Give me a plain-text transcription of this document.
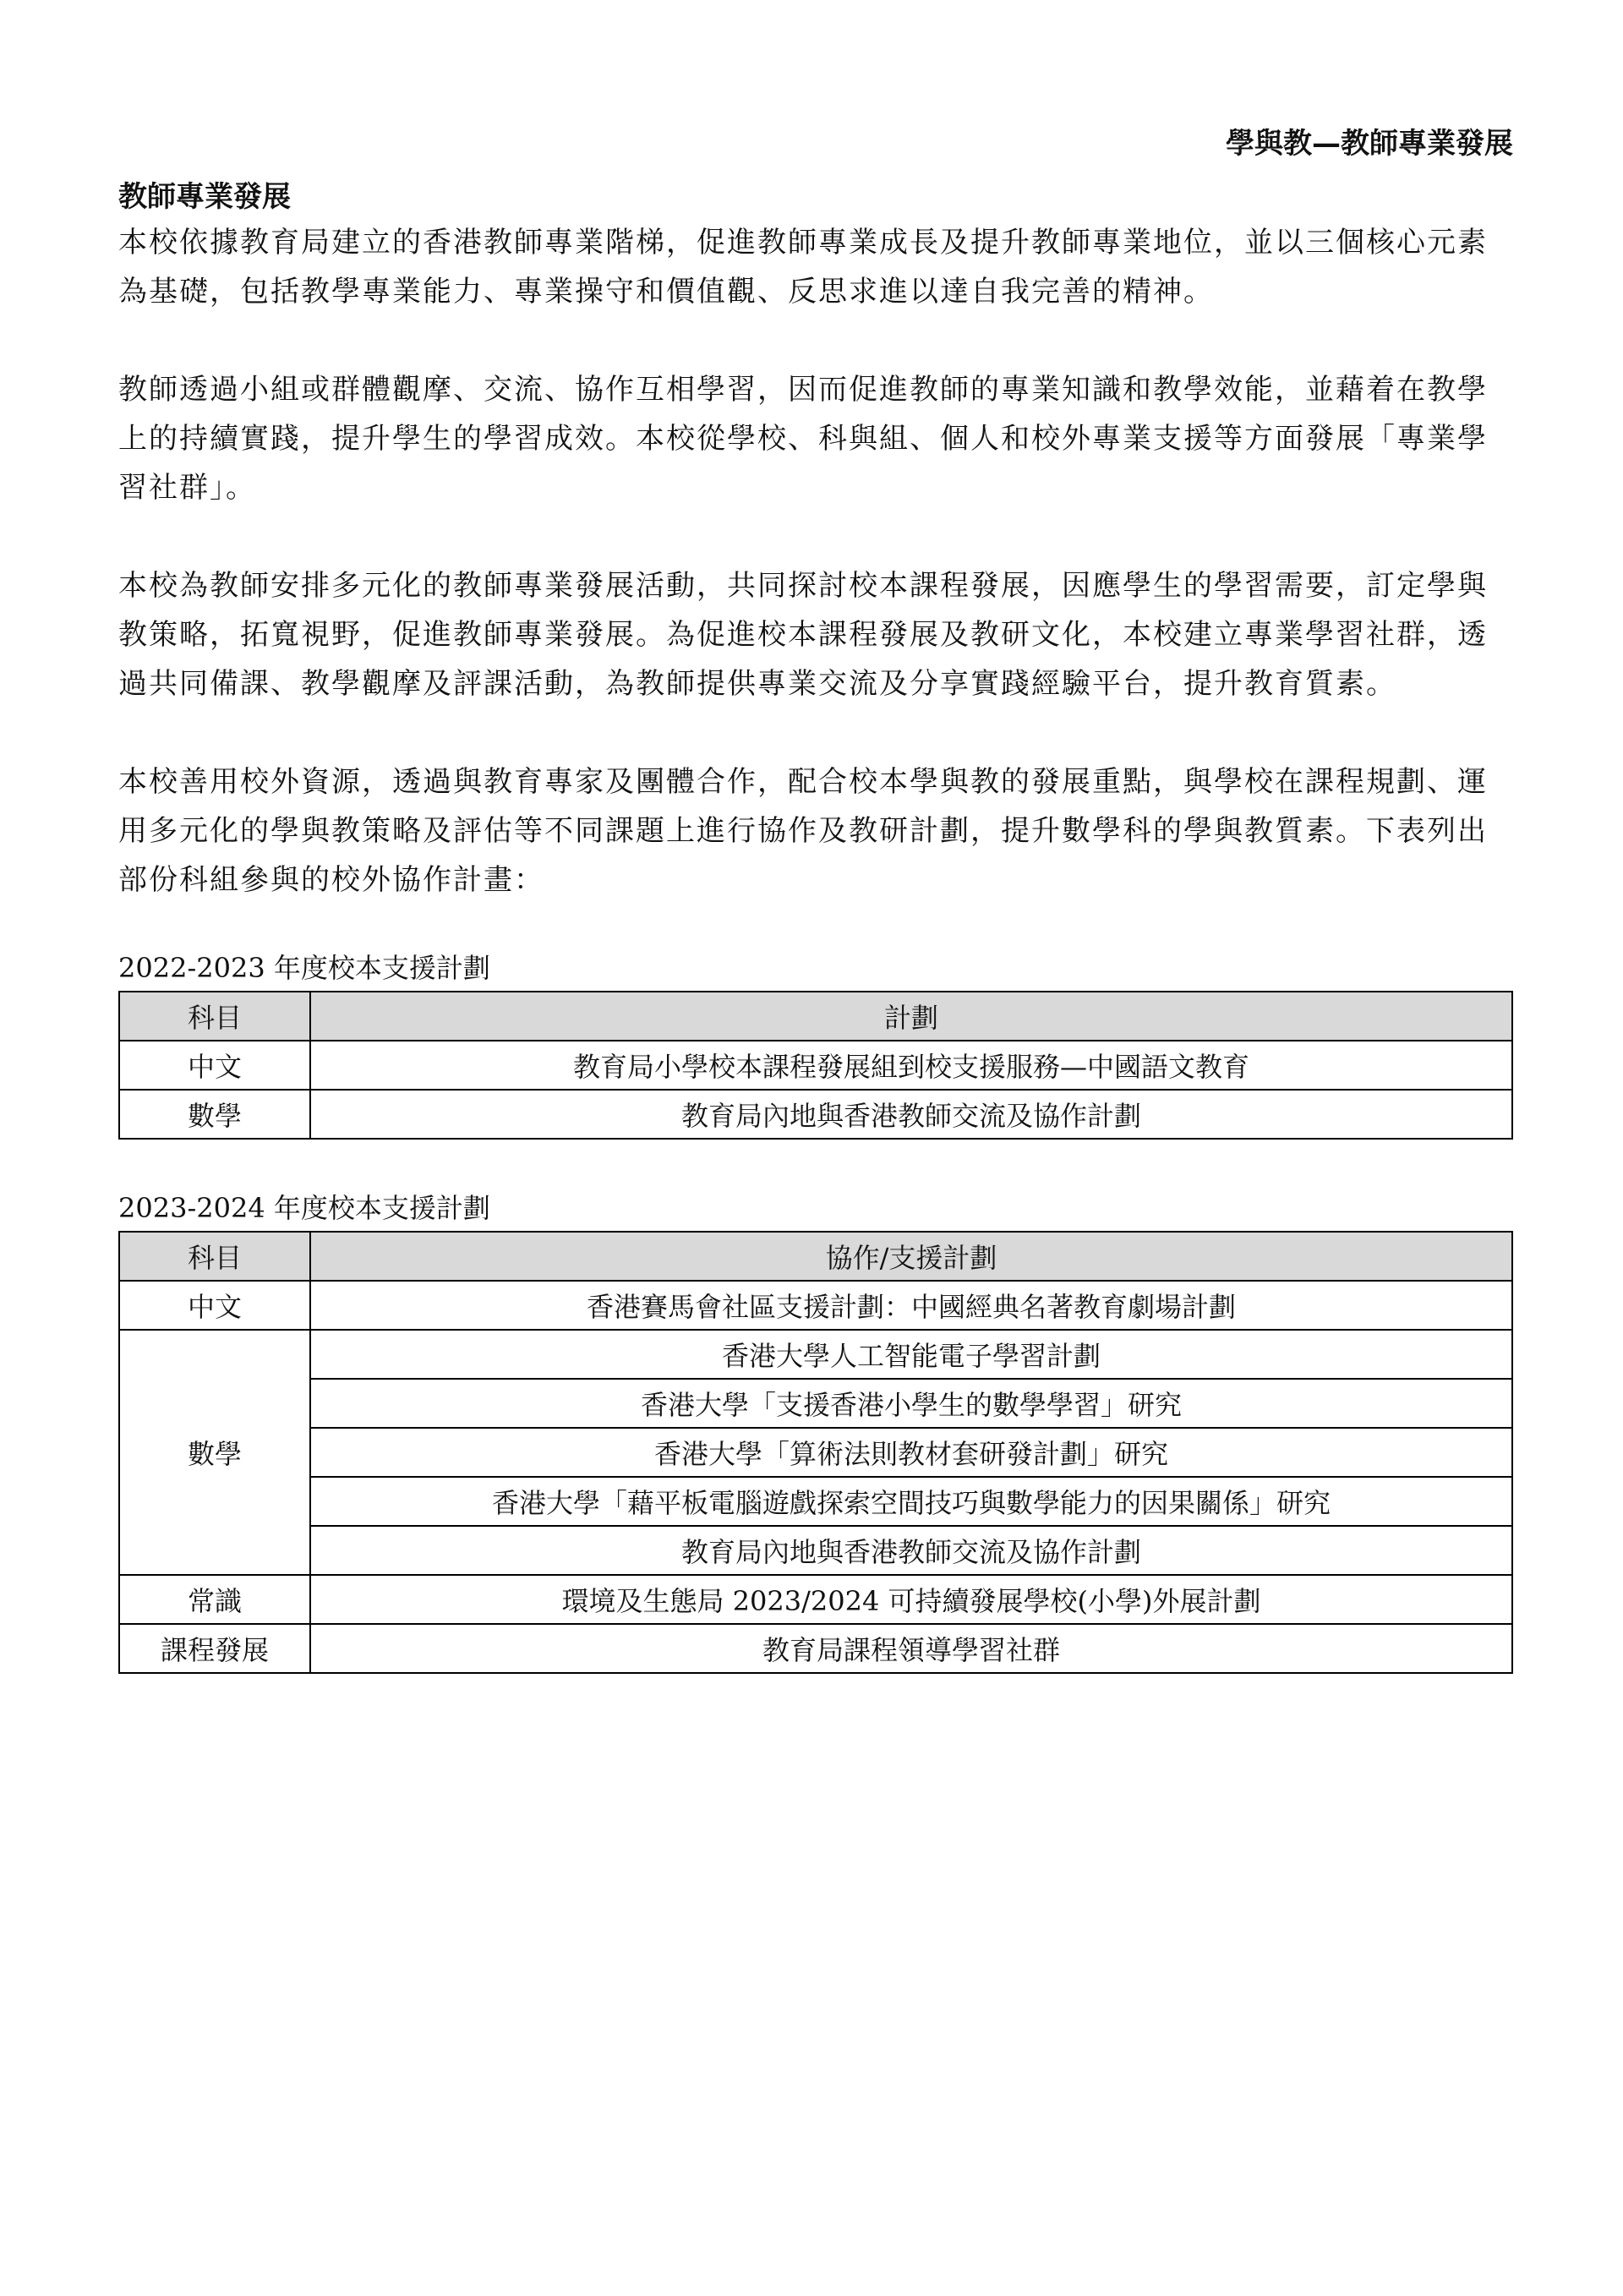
學與教—教師專業發展
教師專業發展

本校依據教育局建立的香港教師專業階梯，促進教師專業成長及提升教師專業地位，並以三個核心元素為基礎，包括教學專業能力、專業操守和價值觀、反思求進以達自我完善的精神。

教師透過小組或群體觀摩、交流、協作互相學習，因而促進教師的專業知識和教學效能，並藉着在教學上的持續實踐，提升學生的學習成效。本校從學校、科與組、個人和校外專業支援等方面發展「專業學習社群」。

本校為教師安排多元化的教師專業發展活動，共同探討校本課程發展，因應學生的學習需要，訂定學與教策略，拓寬視野，促進教師專業發展。為促進校本課程發展及教研文化，本校建立專業學習社群，透過共同備課、教學觀摩及評課活動，為教師提供專業交流及分享實踐經驗平台，提升教育質素。

本校善用校外資源，透過與教育專家及團體合作，配合校本學與教的發展重點，與學校在課程規劃、運用多元化的學與教策略及評估等不同課題上進行協作及教研計劃，提升數學科的學與教質素。下表列出部份科組參與的校外協作計畫：

2022-2023 年度校本支援計劃
科目	計劃
中文	教育局小學校本課程發展組到校支援服務—中國語文教育
數學	教育局內地與香港教師交流及協作計劃
2023-2024 年度校本支援計劃
科目	協作/支援計劃
中文	香港賽馬會社區支援計劃：中國經典名著教育劇場計劃
數學	香港大學人工智能電子學習計劃
	香港大學「支援香港小學生的數學學習」研究
	香港大學「算術法則教材套研發計劃」研究
	香港大學「藉平板電腦遊戲探索空間技巧與數學能力的因果關係」研究
	教育局內地與香港教師交流及協作計劃
常識	環境及生態局 2023/2024 可持續發展學校(小學)外展計劃
課程發展	教育局課程領導學習社群
